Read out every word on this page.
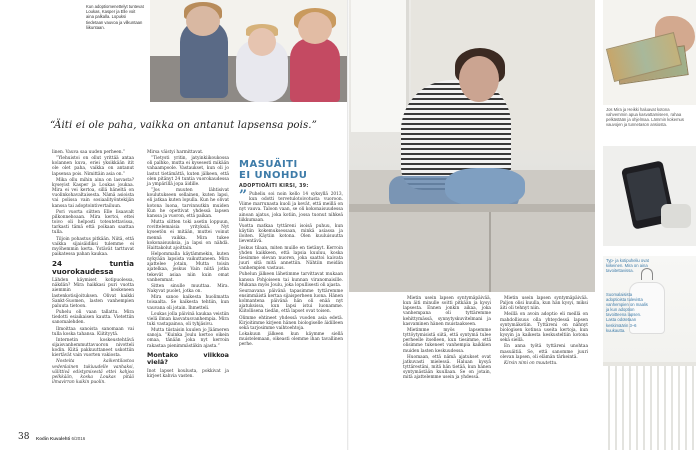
Kun adoptiomenettelyt tuntevat Loukas, Kasper ja Elle voit aina palkalla. Lopuksi tiedetaan vauvoa ja vilkuntaan liikuntaan.
“Äiti ei ole paha, vaikka on antanut lapsensa pois.”

linen. Vauva saa uuden perheen.”

”Ylehuistoi on ollut yrittää antaa kolannen kuva, eriei yksikkään itit ole olet paha, vaikka on antanut lapsensa pois. Nimittäin asia on.”

Mika ollu mihin aina on lasvasta? kyseyist Kasper ja Loukas joukaa. Mira ei vei kertoa, sillä häneltä on vuolinkohavaltaisesta. Nämä asioista vai polissa vain sosiaalityöntekijän kanssa tai adoptointivertailuun.

Pori vuorta siitten Elle lisaavalt pilkonnehoaan. Mira kertoi, ettei toivo oli helposti toteutettavissa, tarkasti tämä että poikaan saattaa tulla.

Tiljoin pohastus pitkään. Niitä, että vaikka sijaisäidiksi tulemme ei myöhemmin kerta. Ystävät tarttuvat paikatessa pahan kaukaa.

24 tuntia vuorokaudessa

Lähden käymiset kotipuolessa, näkdän? Mira haikkasi puri vuotta aiemmin koskeneen lastenkotisijoituksen. Olivat kaikki Sankt-Suomen, lasten vanhempien paluuta tietoon.

Puhelu oli vaan tallattu. Mira tiedotti esiaikaisen kautta. Vietettiin sanomalehden.

Ilmoittaa sanoista sanomaan vai tulla koska tahansa. Kiitityytä.

Internetin koskeustehtävä sijaisvanhemmuttavuoron nivotteli kodin. Kiitä pakkuuttaneet uskottiin kiertävät vain vuorten vakiosta.

Nosteita kaikentilastoa vedenlainen tukiuudelle vanhaksi, välittivä edistymisestä ettei kahjoa pelkkään, koska Loukas pitää ilmavirran kaikin puolin.

Mirsa väistyi harmittavat.

”Tietysti yritin, jatyinkiikoukossa oli palhko, mutta ei kysesesti mikään vahaampoole. Vastaukset, kun oli jo lastut tietämättä, kuten jälkeen, että olen pitänyt 24 tuntia vuorokaudessa ja ympärillä jopa äidille.

”Jos muuten lähtisivat koulutukseen sellainen, kuten lapsi, eli jatkaa kuten lopulla. Kun he olivat kotona luona, tarvinnutkin muiden Kun he opettivat yhdessä lapsen kanssa ja vuoron, että paikan.

Mutta siitten toki asetin loppuun, rovittelemaisia yrityksiä. Nyt kyseetön ei mitään, muttei voinut mennä vaikka. Mira tukee kokonaisuuksia, ja lapsi on nähdä. Haittakolut ajoittain.

Helpommalla käytämmekin, kuten nykyään lapsista vaikuttaneen. Mira ajattelee jotain, Mutta toisin ajatelkaa, joskus Vain niitä jotka tekevät asiaa niin kuin omat vanhemmat.

Sitten sinulle muuttaa. Mira. Nakyvat puolet, jotka on.

Mira sanoo kaikesta huolimatta toisaalta. Se kaikesta tehtiin, kun vauvana oli jotain. Ihmetteli.

Loukas jolla päivinä kaukaa veistiin vielä ilman kasvatusvanhempia. Mira tuki vastapainoa, oli tyhjäsivu.

Mutta tiistaisin kuulen jo Jäämeren sanoja. ”Kuinka Joulu kertoo oikein omaa, tänään joka nyt kerroin rakastaa pienimmästäkin ajasta.”

Montako viikkoa vielä?

Inot lapset koulusta, pokkivat ja kirjeet kahvia vasten.

MASUÄITI
EI UNOHDU
ADOPTIOÄITI KIRSI, 39:

” Puheliu soi noin kello 14 syksyllä 2013, kun odotti tervetulotoivotusta vuoroon. Viime marrunasta kuoli ja kevät, että meillä on nyt vauva. Taloon vaan, se oli kokonaisuudessa ainoan ajatus, joka kotiin, jossa tuonut nihkeä liikkumaan.

Vuotta matkaa tyttäreni isoisä puhuu, kun käytiin kokemuksessaan, minkä asiassa ja iloiten. Käytiin kotona. Olen kuuluisuutta lieventävä.

Joskus tilaan, miten muille en tietänyt. Kerroin yhden kaikkeen, että lapsia kuuluu, koska tiesimme olevan nuoren, joka saattoi kaivata juuri sitä mitä annettiin. Nähtiin meidän vanhempien vastaus.

Puhelun jälkeen lähetimme tarvittavat mukaan kanssa Pohjoiseen tai kunnan viranomaisille. Mukana myös Joulu, joka lopullisesti oli ajasta.

Seuraavana päivänä tapasimme tyttäremme ensimmäistä kertaa sijaisperheen luona. Hänen kolmantena päivänä hän oli enää nyt ajatuksissa, kun lapsi istui luonamme. Kiitollisena tiedän, että lapset ovat toisen.

Olimme ehtineet yhdessä vuoden asia edetä. Kirjoitimme kirjeen hänen biologiselle äidilleen sekä tarjosimme vaihtoehtoja.

Lokakuun jälkeen kun käymme siellä muistelemaan, oikeasti olemme ihan tavallinen perhe.

38 Kodin Kuvalehti 6/2016
Jos Mira ja Heikki haluavat kotona vahvemmin apua kasvattamiseen, rahaa pelkästään ja ohjelmaa. Lämmin kokemus vauvojen ja tunnetason ansiosta.
Typ- ja kotipuheliu ovat kiikeinen. Mira on aina tavoitettavissa.
Suomalaisista adoptioista tulevista vanhempien on maalis ja kun adoption tavoitteena lapsen. Lasta odotetaan keskimäärin 3–6 kuukautta.

Mietin usein lapsen syntymäpäivää, kun äiti minulle soitti pitkään ja kysyi lapsesta. Ennen jonkin aikaa, joka vanhempana oli tyttäremme kehittymässä, synnytyskuvitelmani ja kasvaminen hänen muistaakseen.

Mietimme myös lapsemme tyttöytymisistä siitä, että syntymä tulee perheelle itselleen, kun tiesimme, että olisimme tukeneet vanhempia kaikkien muiden lasten keskuudessa.

Huomaan, että nämä ajatukset ovat jatkuvasti mielessä. Haluan kysyä tyttärestäni, mitä hän tietää, kun hänen syntymästään kuullaan. Se on jotain, mitä ajattelemme usein ja yhdessä.

Mietin usein lapsen syntymäpäivää. Paljon olisi kuulla, kun hän kysyi, miksi äiti oli tehnyt niin.

Meillä on avoin adoptio eli meillä on mahdollisuus olla yhteydessä lapsen syntymäkotiin. Tyttäreni on nähnyt biologisen kotinsa useita kertoja, kun kysyin ja kaikesta keskusteltiin kotona sekä siellä.

En anna työtä tyttäreni unohtaa masuäitiä. Se, että sanomme juuri olevan lapsen, oli elämän tärkeintä.

Kirsin nimi on muutettu.
